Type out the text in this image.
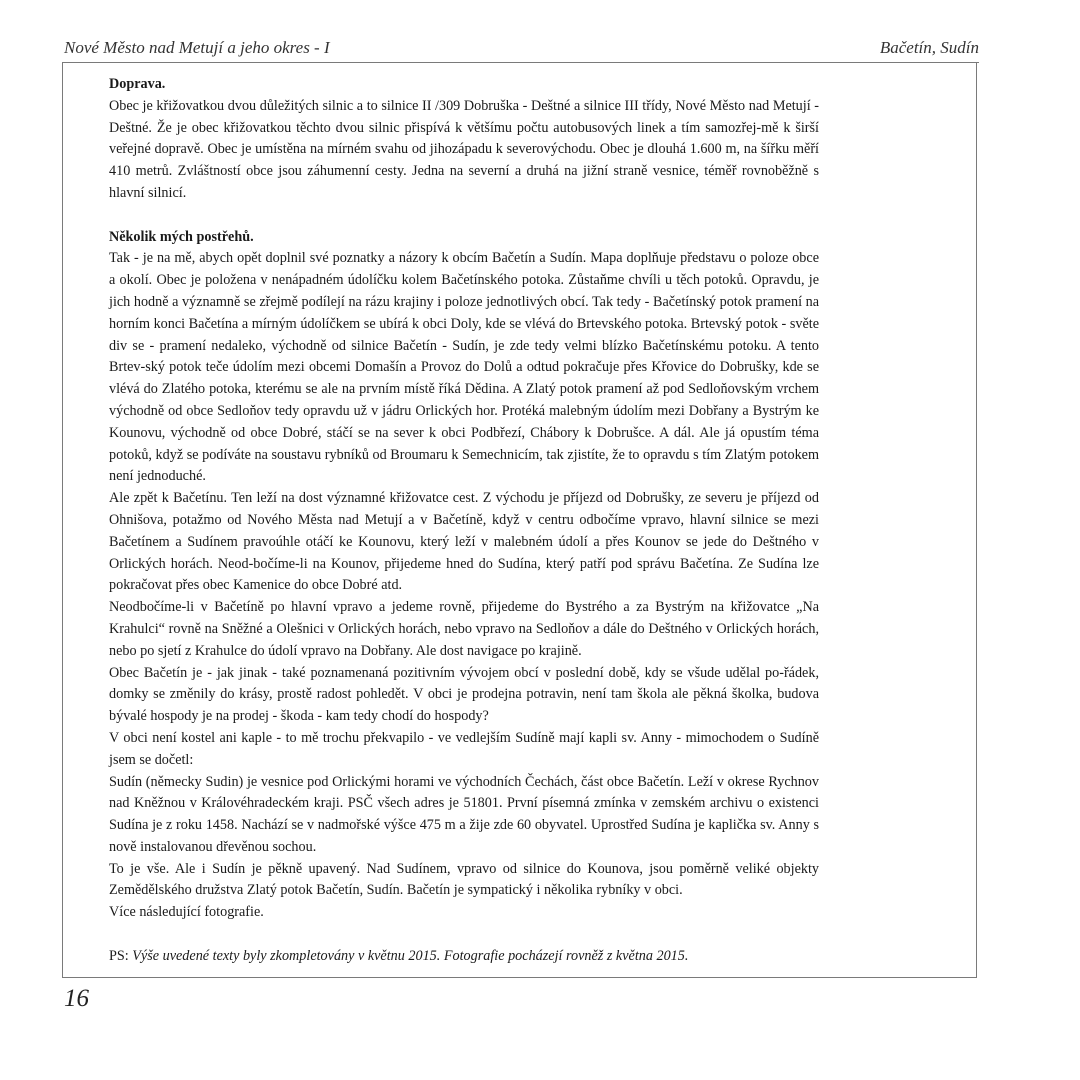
Nové Město nad Metují a jeho okres - I	Bačetín, Sudín

Doprava.

Obec je křižovatkou dvou důležitých silnic a to silnice II /309 Dobruška - Deštné a silnice III třídy, Nové Město nad Metují - Deštné. Že je obec křižovatkou těchto dvou silnic přispívá k většímu počtu autobusových linek a tím samozřej-mě k širší veřejné dopravě. Obec je umístěna na mírném svahu od jihozápadu k severovýchodu. Obec je dlouhá 1.600 m, na šířku měří 410 metrů. Zvláštností obce jsou záhumenní cesty. Jedna na severní a druhá na jižní straně vesnice, téměř rovnoběžně s hlavní silnicí.

Několik mých postřehů.

Tak - je na mě, abych opět doplnil své poznatky a názory k obcím Bačetín a Sudín. Mapa doplňuje představu o poloze obce a okolí. Obec je položena v nenápadném údolíčku kolem Bačetínského potoka. Zůstaňme chvíli u těch potoků. Opravdu, je jich hodně a významně se zřejmě podílejí na rázu krajiny i poloze jednotlivých obcí. Tak tedy - Bačetínský potok pramení na horním konci Bačetína a mírným údolíčkem se ubírá k obci Doly, kde se vlévá do Brtevského potoka. Brtevský potok - světe div se - pramení nedaleko, východně od silnice Bačetín - Sudín, je zde tedy velmi blízko Bačetínskému potoku. A tento Brtev-ský potok teče údolím mezi obcemi Domašín a Provoz do Dolů a odtud pokračuje přes Křovice do Dobrušky, kde se vlévá do Zlatého potoka, kterému se ale na prvním místě říká Dědina. A Zlatý potok pramení až pod Sedloňovským vrchem východně od obce Sedloňov tedy opravdu už v jádru Orlických hor. Protéká malebným údolím mezi Dobřany a Bystrým ke Kounovu, východně od obce Dobré, stáčí se na sever k obci Podbřezí, Chábory k Dobrušce. A dál. Ale já opustím téma potoků, když se podíváte na soustavu rybníků od Broumaru k Semechnicím, tak zjistíte, že to opravdu s tím Zlatým potokem není jednoduché.

Ale zpět k Bačetínu. Ten leží na dost významné křižovatce cest. Z východu je příjezd od Dobrušky, ze severu je příjezd od Ohnišova, potažmo od Nového Města nad Metují a v Bačetíně, když v centru odbočíme vpravo, hlavní silnice se mezi Bačetínem a Sudínem pravoúhle otáčí ke Kounovu, který leží v malebném údolí a přes Kounov se jede do Deštného v Orlických horách. Neod-bočíme-li na Kounov, přijedeme hned do Sudína, který patří pod správu Bačetína. Ze Sudína lze pokračovat přes obec Kamenice do obce Dobré atd.

Neodbočíme-li v Bačetíně po hlavní vpravo a jedeme rovně, přijedeme do Bystrého a za Bystrým na křižovatce „Na Krahulci“ rovně na Sněžné a Olešnici v Orlických horách, nebo vpravo na Sedloňov a dále do Deštného v Orlických horách, nebo po sjetí z Krahulce do údolí vpravo na Dobřany. Ale dost navigace po krajině.

Obec Bačetín je - jak jinak - také poznamenaná pozitivním vývojem obcí v poslední době, kdy se všude udělal po-řádek, domky se změnily do krásy, prostě radost pohledět. V obci je prodejna potravin, není tam škola ale pěkná školka, budova bývalé hospody je na prodej - škoda - kam tedy chodí do hospody?

V obci není kostel ani kaple - to mě trochu překvapilo - ve vedlejším Sudíně mají kapli sv. Anny - mimochodem o Sudíně jsem se dočetl:

Sudín (německy Sudin) je vesnice pod Orlickými horami ve východních Čechách, část obce Bačetín. Leží v okrese Rychnov nad Kněžnou v Královéhradeckém kraji. PSČ všech adres je 51801. První písemná zmínka v zemském archivu o existenci Sudína je z roku 1458. Nachází se v nadmořské výšce 475 m a žije zde 60 obyvatel. Uprostřed Sudína je kaplička sv. Anny s nově instalovanou dřevěnou sochou.

To je vše. Ale i Sudín je pěkně upavený. Nad Sudínem, vpravo od silnice do Kounova, jsou poměrně veliké objekty Zemědělského družstva Zlatý potok Bačetín, Sudín. Bačetín je sympatický i několika rybníky v obci.

Více následující fotografie.

PS: Výše uvedené texty byly zkompletovány v květnu 2015. Fotografie pocházejí rovněž z května 2015.
16
